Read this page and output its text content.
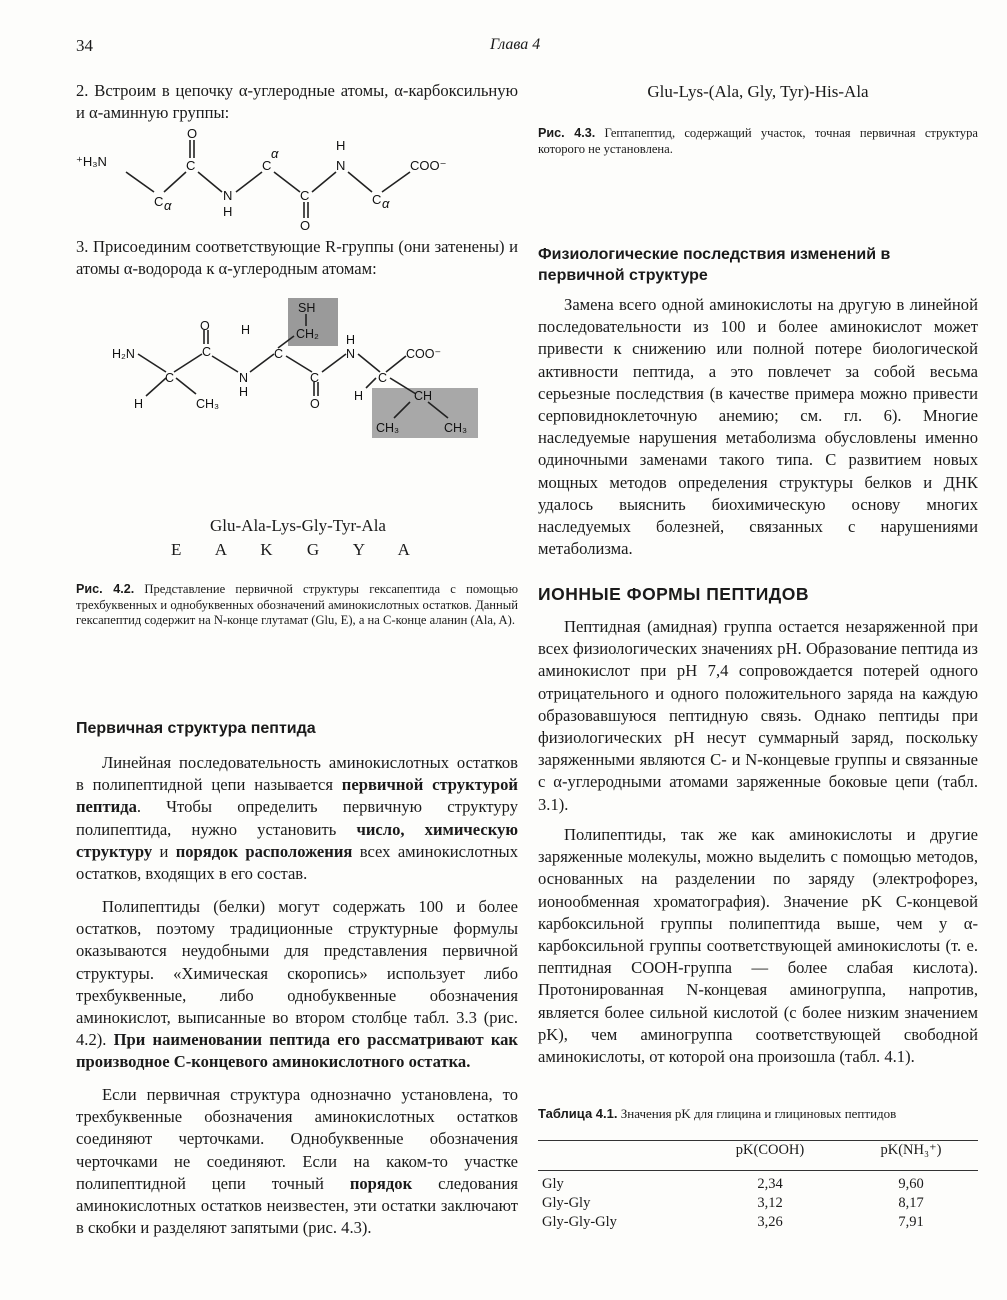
34	Глава 4

2. Встроим в цепочку α-углеродные атомы, α-карбоксильную и α-аминную группы:

⁺H₃N
C α
O
C
N
H
C
α
C
O
H
N
C α
COO⁻

3. Присоединим соответствующие R-группы (они затенены) и атомы α-водорода к α-углеродным атомам:

H₂N
C
H	CH₃
O
C
N
H
H
C
SH
CH₂
C
O
H
N	COO⁻
C
H	CH
CH₃	CH₃
Glu-Ala-Lys-Gly-Tyr-Ala
E A K G Y A

Рис. 4.2. Представление первичной структуры гексапептида с помощью трехбуквенных и однобуквенных обозначений аминокислотных остатков. Данный гексапептид содержит на N-конце глутамат (Glu, E), а на C-конце аланин (Ala, A).

Первичная структура пептида

Линейная последовательность аминокислотных остатков в полипептидной цепи называется первичной структурой пептида. Чтобы определить первичную структуру полипептида, нужно установить число, химическую структуру и порядок расположения всех аминокислотных остатков, входящих в его состав.

Полипептиды (белки) могут содержать 100 и более остатков, поэтому традиционные структурные формулы оказываются неудобными для представления первичной структуры. «Химическая скоропись» использует либо трехбуквенные, либо однобуквенные обозначения аминокислот, выписанные во втором столбце табл. 3.3 (рис. 4.2). При наименовании пептида его рассматривают как производное C-концевого аминокислотного остатка.

Если первичная структура однозначно установлена, то трехбуквенные обозначения аминокислотных остатков соединяют черточками. Однобуквенные обозначения черточками не соединяют. Если на каком-то участке полипептидной цепи точный порядок следования аминокислотных остатков неизвестен, эти остатки заключают в скобки и разделяют запятыми (рис. 4.3).

Glu-Lys-(Ala, Gly, Tyr)-His-Ala

Рис. 4.3. Гептапептид, содержащий участок, точная первичная структура которого не установлена.

Физиологические последствия изменений в первичной структуре

Замена всего одной аминокислоты на другую в линейной последовательности из 100 и более аминокислот может привести к снижению или полной потере биологической активности пептида, а это повлечет за собой весьма серьезные последствия (в качестве примера можно привести серповидноклеточную анемию; см. гл. 6). Многие наследуемые нарушения метаболизма обусловлены именно одиночными заменами такого типа. С развитием новых мощных методов определения структуры белков и ДНК удалось выяснить биохимическую основу многих наследуемых болезней, связанных с нарушениями метаболизма.

ИОННЫЕ ФОРМЫ ПЕПТИДОВ

Пептидная (амидная) группа остается незаряженной при всех физиологических значениях pH. Образование пептида из аминокислот при pH 7,4 сопровождается потерей одного отрицательного и одного положительного заряда на каждую образовавшуюся пептидную связь. Однако пептиды при физиологических pH несут суммарный заряд, поскольку заряженными являются C- и N-концевые группы и связанные с α-углеродными атомами заряженные боковые цепи (табл. 3.1).

Полипептиды, так же как аминокислоты и другие заряженные молекулы, можно выделить с помощью методов, основанных на разделении по заряду (электрофорез, ионообменная хроматография). Значение pK C-концевой карбоксильной группы полипептида выше, чем у α-карбоксильной группы соответствующей аминокислоты (т. е. пептидная COOH-группа — более слабая кислота). Протонированная N-концевая аминогруппа, напротив, является более сильной кислотой (с более низким значением pK), чем аминогруппа соответствующей свободной аминокислоты, от которой она произошла (табл. 4.1).

Таблица 4.1. Значения pK для глицина и глициновых пептидов

	pK(COOH)	pK(NH₃⁺)
Gly	2,34	9,60
Gly-Gly	3,12	8,17
Gly-Gly-Gly	3,26	7,91
